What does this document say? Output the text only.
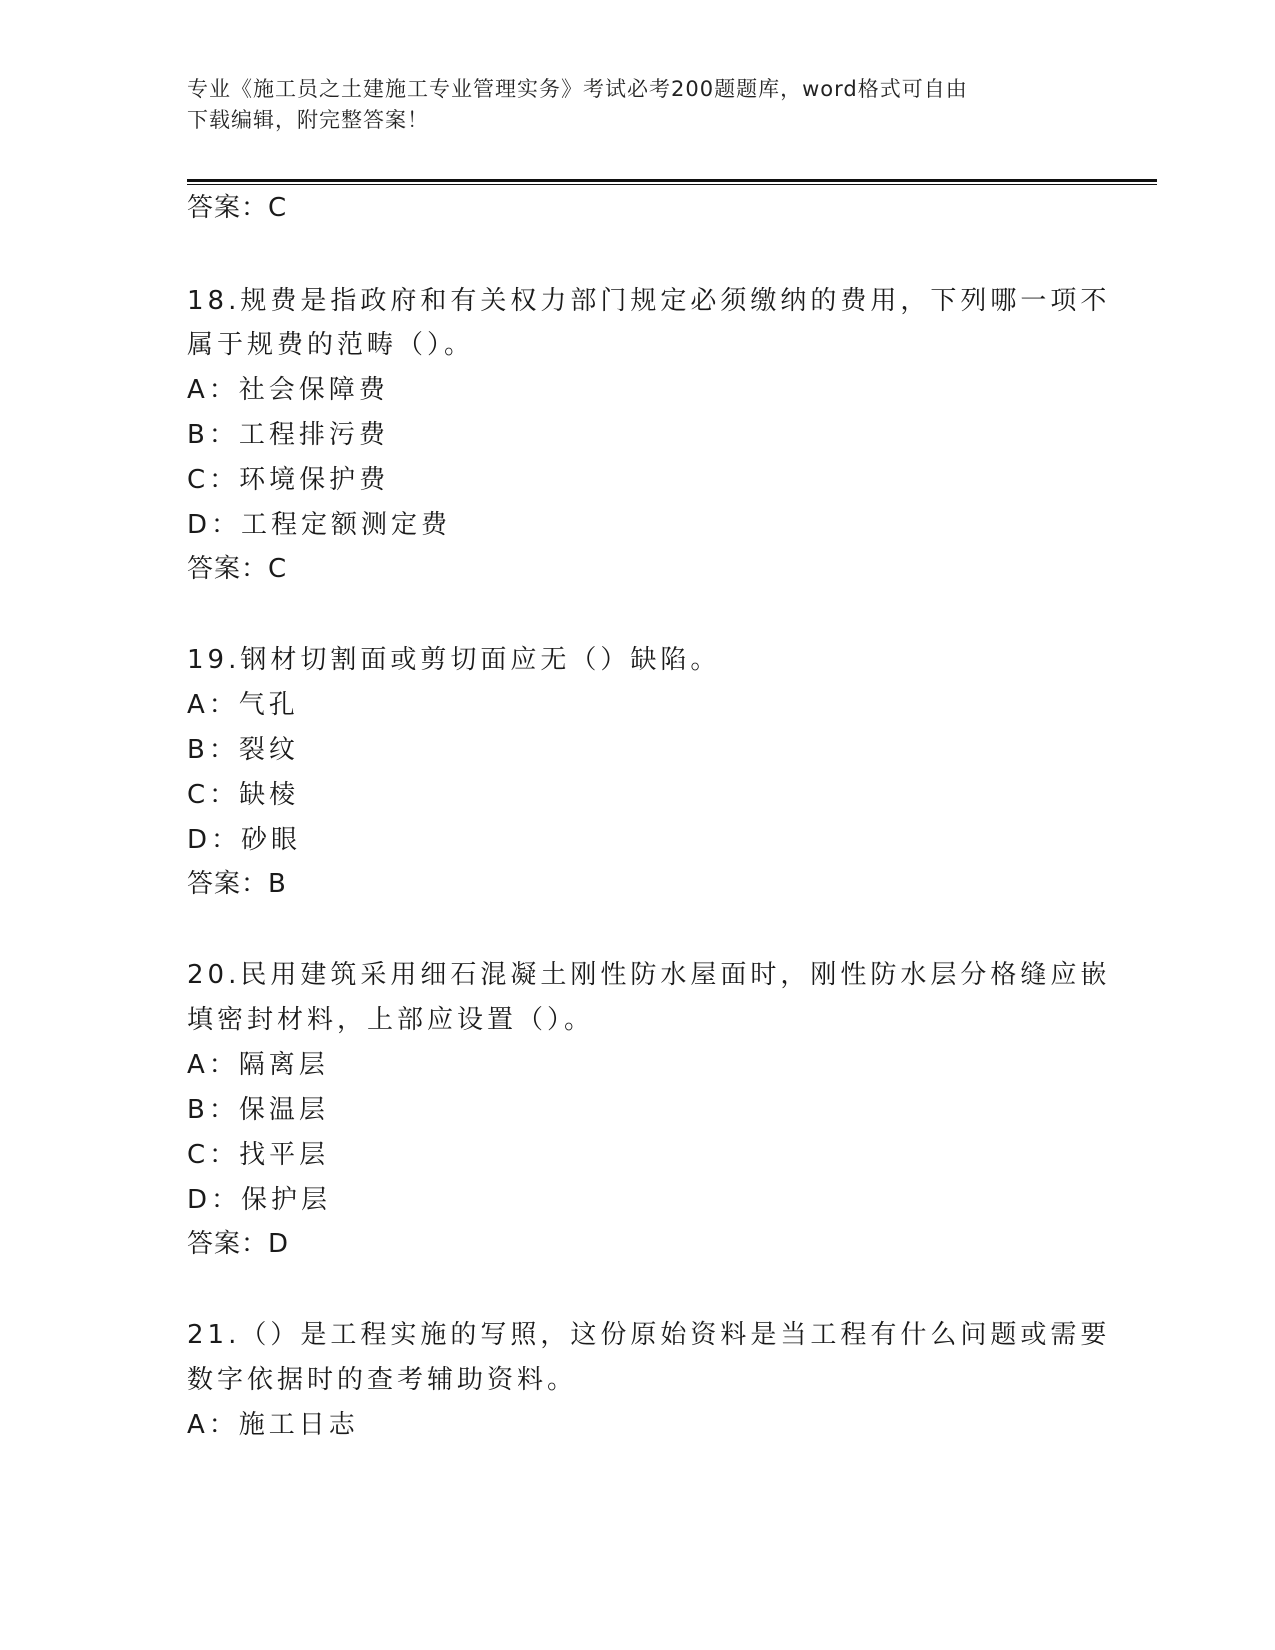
专业《施工员之土建施工专业管理实务》考试必考200题题库，word格式可自由
下载编辑，附完整答案！
答案：C
18.规费是指政府和有关权力部门规定必须缴纳的费用，下列哪一项不
属于规费的范畴（）。
A：社会保障费
B：工程排污费
C：环境保护费
D：工程定额测定费
答案：C
19.钢材切割面或剪切面应无（）缺陷。
A：气孔
B：裂纹
C：缺棱
D：砂眼
答案：B
20.民用建筑采用细石混凝土刚性防水屋面时，刚性防水层分格缝应嵌
填密封材料，上部应设置（）。
A：隔离层
B：保温层
C：找平层
D：保护层
答案：D
21.（）是工程实施的写照，这份原始资料是当工程有什么问题或需要
数字依据时的查考辅助资料。
A：施工日志
